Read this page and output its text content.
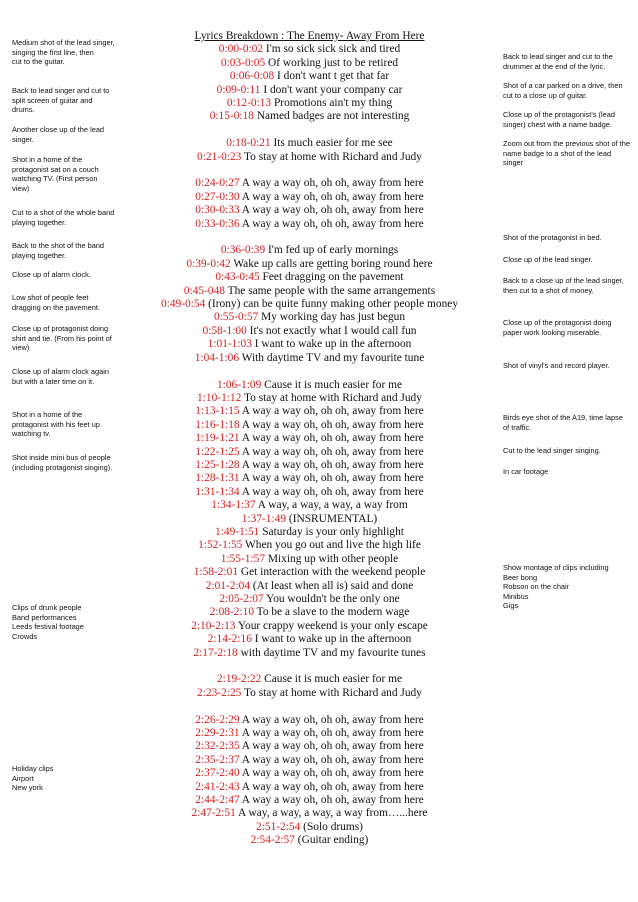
Medium shot of the lead singer, singing the first line, then
cut to the guitar.
Back to lead singer and cut to split screen of guitar and drums.
Another close up of the lead singer.
Shot in a home of the protagonist sat on a couch watching TV. (First person view)
Cut to a shot of the whole band playing together.
Back to the shot of the band playing together.
Close up of alarm clock.
Low shot of people feet dragging on the pavement.
Close up of protagonist doing shirt and tie. (From his point of view)
Close up of alarm clock again but with a later time on it.
Shot in a home of the protagonist with his feet up watching tv.
Shot inside mini bus of people (including protagonist singing).
Clips of drunk people
Band performances
Leeds festival footage
Crowds
Holiday clips
Airport
New york
Lyrics Breakdown : The Enemy- Away From Here
0:00-0:02 I'm so sick sick sick and tired
0:03-0:05 Of working just to be retired
0:06-0:08 I don't want t get that far
0:09-0:11 I don't want your company car
0:12-0:13 Promotions ain't my thing
0:15-0:18 Named badges are not interesting
0:18-0:21 Its much easier for me see
0:21-0:23 To stay at home with Richard and Judy
0:24-0:27 A way a way oh, oh oh, away from here
0:27-0:30 A way a way oh, oh oh, away from here
0:30-0:33 A way a way oh, oh oh, away from here
0:33-0:36 A way a way oh, oh oh, away from here
0:36-0:39 I'm fed up of early mornings
0:39-0:42 Wake up calls are getting boring round here
0:43-0:45 Feet dragging on the pavement
0:45-048 The same people with the same arrangements
0:49-0:54 (Irony) can be quite funny making other people money
0:55-0:57 My working day has just begun
0:58-1:00 It's not exactly what I would call fun
1:01-1:03 I want to wake up in the afternoon
1:04-1:06 With daytime TV and my favourite tune
1:06-1:09 Cause it is much easier for me
1:10-1:12 To stay at home with Richard and Judy
1:13-1:15 A way a way oh, oh oh, away from here
1:16-1:18 A way a way oh, oh oh, away from here
1:19-1:21 A way a way oh, oh oh, away from here
1:22-1:25 A way a way oh, oh oh, away from here
1:25-1:28 A way a way oh, oh oh, away from here
1:28-1:31 A way a way oh, oh oh, away from here
1:31-1:34 A way a way oh, oh oh, away from here
1:34-1:37 A way, a way, a way, a way from
1:37-1:49 (INSRUMENTAL)
1:49-1:51 Saturday is your only highlight
1:52-1:55 When you go out and live the high life
1:55-1:57 Mixing up with other people
1:58-2:01 Get interaction with the weekend people
2:01-2:04 (At least when all is) said and done
2:05-2:07 You wouldn't be the only one
2:08-2:10 To be a slave to the modern wage
2:10-2:13 Your crappy weekend is your only escape
2:14-2:16 I want to wake up in the afternoon
2:17-2:18 with daytime TV and my favourite tunes
2:19-2:22 Cause it is much easier for me
2:23-2:25 To stay at home with Richard and Judy
2:26-2:29 A way a way oh, oh oh, away from here
2:29-2:31 A way a way oh, oh oh, away from here
2:32-2:35 A way a way oh, oh oh, away from here
2:35-2:37 A way a way oh, oh oh, away from here
2:37-2:40 A way a way oh, oh oh, away from here
2:41-2:43 A way a way oh, oh oh, away from here
2:44-2:47 A way a way oh, oh oh, away from here
2:47-2:51 A way, a way, a way, a way from…...here
2:51-2:54 (Solo drums)
2:54-2:57 (Guitar ending)
Back to lead singer and cut to the drummer at the end of the lyric.
Shot of a car parked on a drive, then cut to a close up of guitar.
Close up of the protagonist's (lead singer) chest with a name badge.
Zoom out from the previous shot of the name badge to a shot of the lead singer
Shot of the protagonist in bed.
Close up of the lead singer.
Back to a close up of the lead singer, then cut to a shot of money.
Close up of the protagonist doing paper work looking miserable.
Shot of vinyl's and record player.
Birds eye shot of the A19, time lapse of traffic.
Cut to the lead singer singing.
In car footage
Show montage of clips including
Beer bong
Robson on the chair
Minibus
Gigs
